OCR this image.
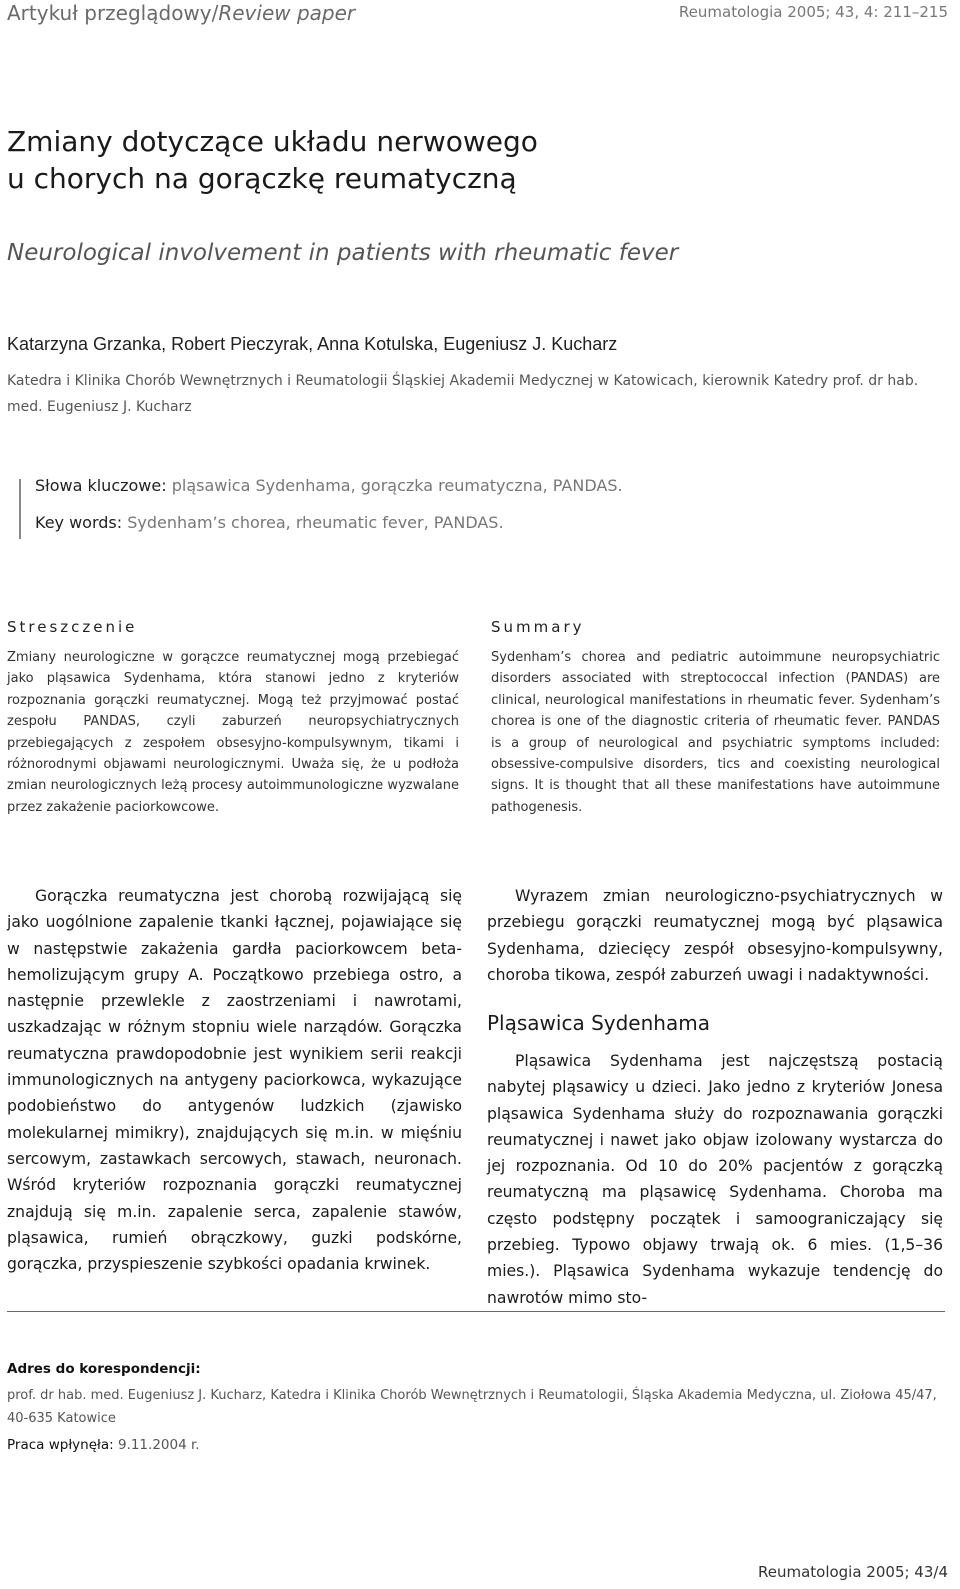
Artykuł przeglądowy/Review paper	Reumatologia 2005; 43, 4: 211–215
Zmiany dotyczące układu nerwowego
u chorych na gorączkę reumatyczną
Neurological involvement in patients with rheumatic fever
Katarzyna Grzanka, Robert Pieczyrak, Anna Kotulska, Eugeniusz J. Kucharz
Katedra i Klinika Chorób Wewnętrznych i Reumatologii Śląskiej Akademii Medycznej w Katowicach, kierownik Katedry prof. dr hab. med. Eugeniusz J. Kucharz
Słowa kluczowe: pląsawica Sydenhama, gorączka reumatyczna, PANDAS.
Key words: Sydenham’s chorea, rheumatic fever, PANDAS.
Streszczenie
Zmiany neurologiczne w gorączce reumatycznej mogą przebiegać jako pląsawica Sydenhama, która stanowi jedno z kryteriów rozpoznania gorączki reumatycznej. Mogą też przyjmować postać zespołu PANDAS, czyli zaburzeń neuropsychiatrycznych przebiegających z zespołem obsesyjno-kompulsywnym, tikami i różnorodnymi objawami neurologicznymi. Uważa się, że u podłoża zmian neurologicznych leżą procesy autoimmunologiczne wyzwalane przez zakażenie paciorkowcowe.
Summary
Sydenham’s chorea and pediatric autoimmune neuropsychiatric disorders associated with streptococcal infection (PANDAS) are clinical, neurological manifestations in rheumatic fever. Sydenham’s chorea is one of the diagnostic criteria of rheumatic fever. PANDAS is a group of neurological and psychiatric symptoms included: obsessive-compulsive disorders, tics and coexisting neurological signs. It is thought that all these manifestations have autoimmune pathogenesis.

Gorączka reumatyczna jest chorobą rozwijającą się jako uogólnione zapalenie tkanki łącznej, pojawiające się w następstwie zakażenia gardła paciorkowcem beta-hemolizującym grupy A. Początkowo przebiega ostro, a następnie przewlekle z zaostrzeniami i nawrotami, uszkadzając w różnym stopniu wiele narządów. Gorączka reumatyczna prawdopodobnie jest wynikiem serii reakcji immunologicznych na antygeny paciorkowca, wykazujące podobieństwo do antygenów ludzkich (zjawisko molekularnej mimikry), znajdujących się m.in. w mięśniu sercowym, zastawkach sercowych, stawach, neuronach. Wśród kryteriów rozpoznania gorączki reumatycznej znajdują się m.in. zapalenie serca, zapalenie stawów, pląsawica, rumień obrączkowy, guzki podskórne, gorączka, przyspieszenie szybkości opadania krwinek.

Wyrazem zmian neurologiczno-psychiatrycznych w przebiegu gorączki reumatycznej mogą być pląsawica Sydenhama, dziecięcy zespół obsesyjno-kompulsywny, choroba tikowa, zespół zaburzeń uwagi i nadaktywności.

Pląsawica Sydenhama

Pląsawica Sydenhama jest najczęstszą postacią nabytej pląsawicy u dzieci. Jako jedno z kryteriów Jonesa pląsawica Sydenhama służy do rozpoznawania gorączki reumatycznej i nawet jako objaw izolowany wystarcza do jej rozpoznania. Od 10 do 20% pacjentów z gorączką reumatyczną ma pląsawicę Sydenhama. Choroba ma często podstępny początek i samoograniczający się przebieg. Typowo objawy trwają ok. 6 mies. (1,5–36 mies.). Pląsawica Sydenhama wykazuje tendencję do nawrotów mimo sto-

Adres do korespondencji:
prof. dr hab. med. Eugeniusz J. Kucharz, Katedra i Klinika Chorób Wewnętrznych i Reumatologii, Śląska Akademia Medyczna, ul. Ziołowa 45/47, 40-635 Katowice
Praca wpłynęła: 9.11.2004 r.
Reumatologia 2005; 43/4
